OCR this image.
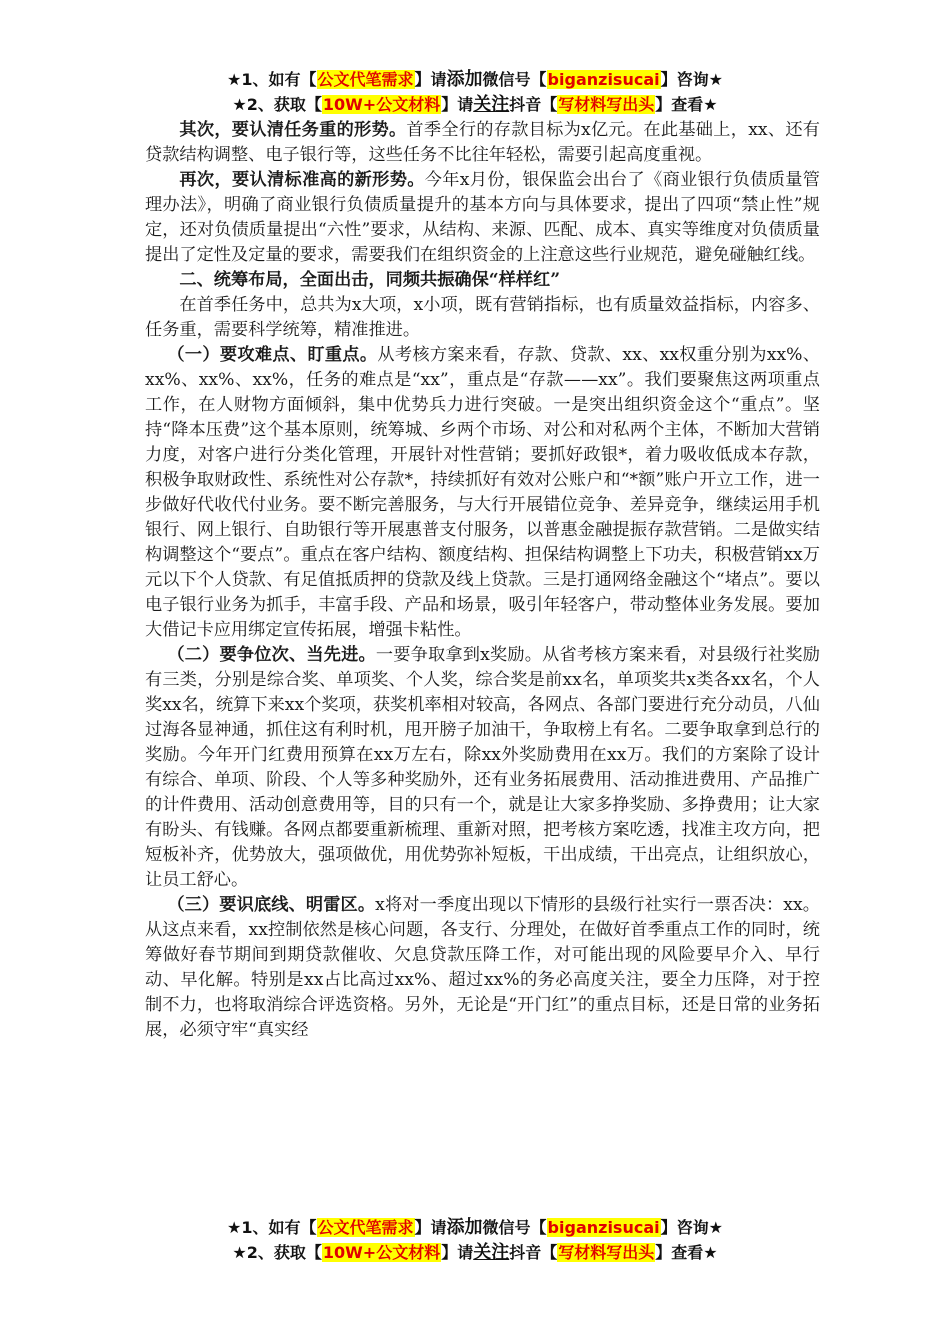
★1、如有【公文代笔需求】请添加微信号【biganzisucai】咨询★
★2、获取【10W+公文材料】请关注抖音【写材料写出头】查看★

其次，要认清任务重的形势。首季全行的存款目标为x亿元。在此基础上，xx、还有贷款结构调整、电子银行等，这些任务不比往年轻松，需要引起高度重视。

再次，要认清标准高的新形势。今年x月份，银保监会出台了《商业银行负债质量管理办法》，明确了商业银行负债质量提升的基本方向与具体要求，提出了四项“禁止性”规定，还对负债质量提出“六性”要求，从结构、来源、匹配、成本、真实等维度对负债质量提出了定性及定量的要求，需要我们在组织资金的上注意这些行业规范，避免碰触红线。

二、统筹布局，全面出击，同频共振确保“样样红”

在首季任务中，总共为x大项，x小项，既有营销指标，也有质量效益指标，内容多、任务重，需要科学统筹，精准推进。

（一）要攻难点、盯重点。从考核方案来看，存款、贷款、xx、xx权重分别为xx%、xx%、xx%、xx%，任务的难点是“xx”，重点是“存款——xx”。我们要聚焦这两项重点工作，在人财物方面倾斜，集中优势兵力进行突破。一是突出组织资金这个“重点”。坚持“降本压费”这个基本原则，统筹城、乡两个市场、对公和对私两个主体，不断加大营销力度，对客户进行分类化管理，开展针对性营销；要抓好政银*，着力吸收低成本存款，积极争取财政性、系统性对公存款*，持续抓好有效对公账户和“*额”账户开立工作，进一步做好代收代付业务。要不断完善服务，与大行开展错位竞争、差异竞争，继续运用手机银行、网上银行、自助银行等开展惠普支付服务，以普惠金融提振存款营销。二是做实结构调整这个“要点”。重点在客户结构、额度结构、担保结构调整上下功夫，积极营销xx万元以下个人贷款、有足值抵质押的贷款及线上贷款。三是打通网络金融这个“堵点”。要以电子银行业务为抓手，丰富手段、产品和场景，吸引年轻客户，带动整体业务发展。要加大借记卡应用绑定宣传拓展，增强卡粘性。

（二）要争位次、当先进。一要争取拿到x奖励。从省考核方案来看，对县级行社奖励有三类，分别是综合奖、单项奖、个人奖，综合奖是前xx名，单项奖共x类各xx名，个人奖xx名，统算下来xx个奖项，获奖机率相对较高，各网点、各部门要进行充分动员，八仙过海各显神通，抓住这有利时机，甩开膀子加油干，争取榜上有名。二要争取拿到总行的奖励。今年开门红费用预算在xx万左右，除xx外奖励费用在xx万。我们的方案除了设计有综合、单项、阶段、个人等多种奖励外，还有业务拓展费用、活动推进费用、产品推广的计件费用、活动创意费用等，目的只有一个，就是让大家多挣奖励、多挣费用；让大家有盼头、有钱赚。各网点都要重新梳理、重新对照，把考核方案吃透，找准主攻方向，把短板补齐，优势放大，强项做优，用优势弥补短板，干出成绩，干出亮点，让组织放心，让员工舒心。

（三）要识底线、明雷区。x将对一季度出现以下情形的县级行社实行一票否决：xx。从这点来看，xx控制依然是核心问题，各支行、分理处，在做好首季重点工作的同时，统筹做好春节期间到期贷款催收、欠息贷款压降工作，对可能出现的风险要早介入、早行动、早化解。特别是xx占比高过xx%、超过xx%的务必高度关注，要全力压降，对于控制不力，也将取消综合评选资格。另外，无论是“开门红”的重点目标，还是日常的业务拓展，必须守牢“真实经

★1、如有【公文代笔需求】请添加微信号【biganzisucai】咨询★
★2、获取【10W+公文材料】请关注抖音【写材料写出头】查看★
